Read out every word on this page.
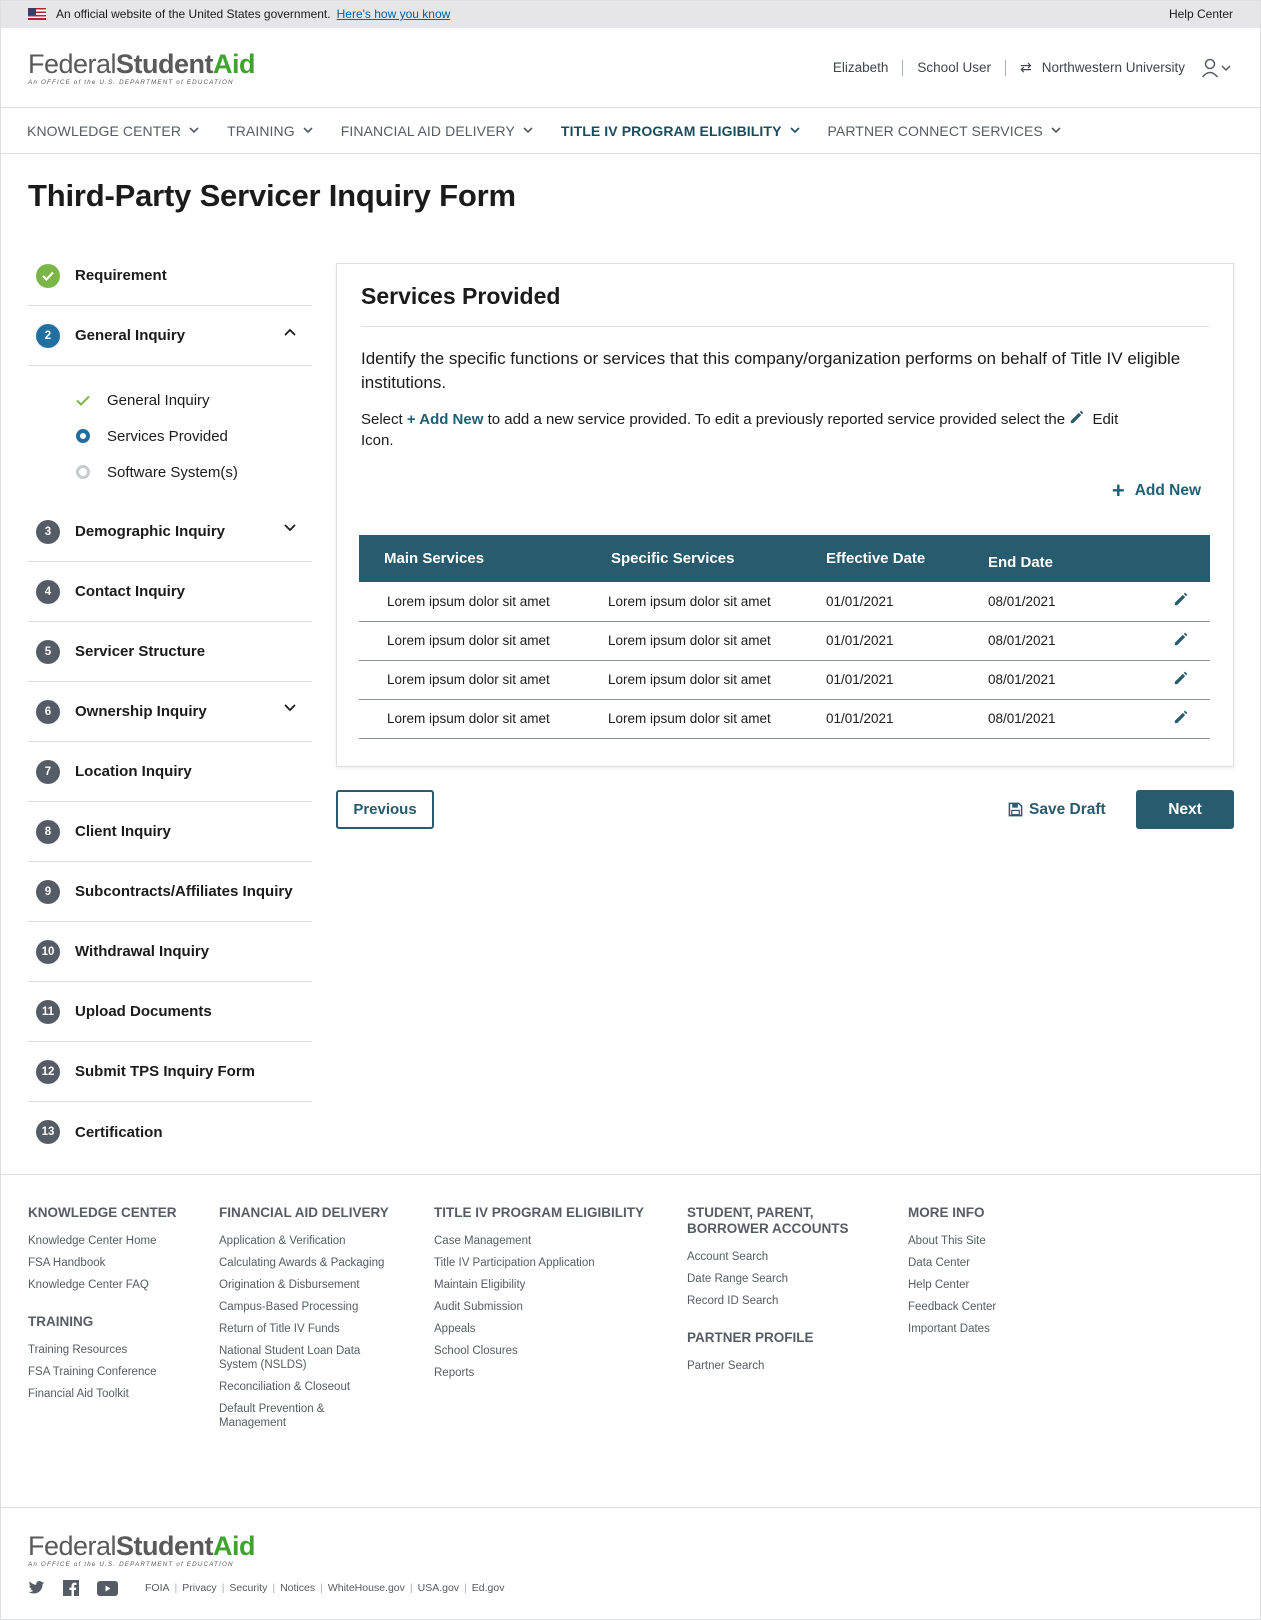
An official website of the United States government. Here's how you know	Help Center
FederalStudentAid
An OFFICE of the U.S. DEPARTMENT of EDUCATION
Elizabeth School User ⇄ Northwestern University
KNOWLEDGE CENTER	TRAINING	FINANCIAL AID DELIVERY	TITLE IV PROGRAM ELIGIBILITY	PARTNER CONNECT SERVICES
Third-Party Servicer Inquiry Form
Requirement
2	General Inquiry
General Inquiry
Services Provided
Software System(s)
3	Demographic Inquiry
4	Contact Inquiry
5	Servicer Structure
6	Ownership Inquiry
7	Location Inquiry
8	Client Inquiry
9	Subcontracts/Affiliates Inquiry
10	Withdrawal Inquiry
11	Upload Documents
12	Submit TPS Inquiry Form
13	Certification
Services Provided

Identify the specific functions or services that this company/organization performs on behalf of Title IV eligible institutions.

Select + Add New to add a new service provided. To edit a previously reported service provided select the  Edit Icon.

+ Add New
Main Services	Specific Services	Effective Date	End Date	
Lorem ipsum dolor sit amet	Lorem ipsum dolor sit amet	01/01/2021	08/01/2021	
Lorem ipsum dolor sit amet	Lorem ipsum dolor sit amet	01/01/2021	08/01/2021	
Lorem ipsum dolor sit amet	Lorem ipsum dolor sit amet	01/01/2021	08/01/2021	
Lorem ipsum dolor sit amet	Lorem ipsum dolor sit amet	01/01/2021	08/01/2021	
Previous	Save Draft	Next
KNOWLEDGE CENTER
Knowledge Center Home
FSA Handbook
Knowledge Center FAQ
TRAINING
Training Resources
FSA Training Conference
Financial Aid Toolkit
FINANCIAL AID DELIVERY
Application & Verification
Calculating Awards & Packaging
Origination & Disbursement
Campus-Based Processing
Return of Title IV Funds
National Student Loan Data System (NSLDS)
Reconciliation & Closeout
Default Prevention & Management
TITLE IV PROGRAM ELIGIBILITY
Case Management
Title IV Participation Application
Maintain Eligibility
Audit Submission
Appeals
School Closures
Reports
STUDENT, PARENT, BORROWER ACCOUNTS
Account Search
Date Range Search
Record ID Search
PARTNER PROFILE
Partner Search
MORE INFO
About This Site
Data Center
Help Center
Feedback Center
Important Dates
FederalStudentAid
An OFFICE of the U.S. DEPARTMENT of EDUCATION
FOIA | Privacy | Security | Notices | WhiteHouse.gov | USA.gov | Ed.gov
